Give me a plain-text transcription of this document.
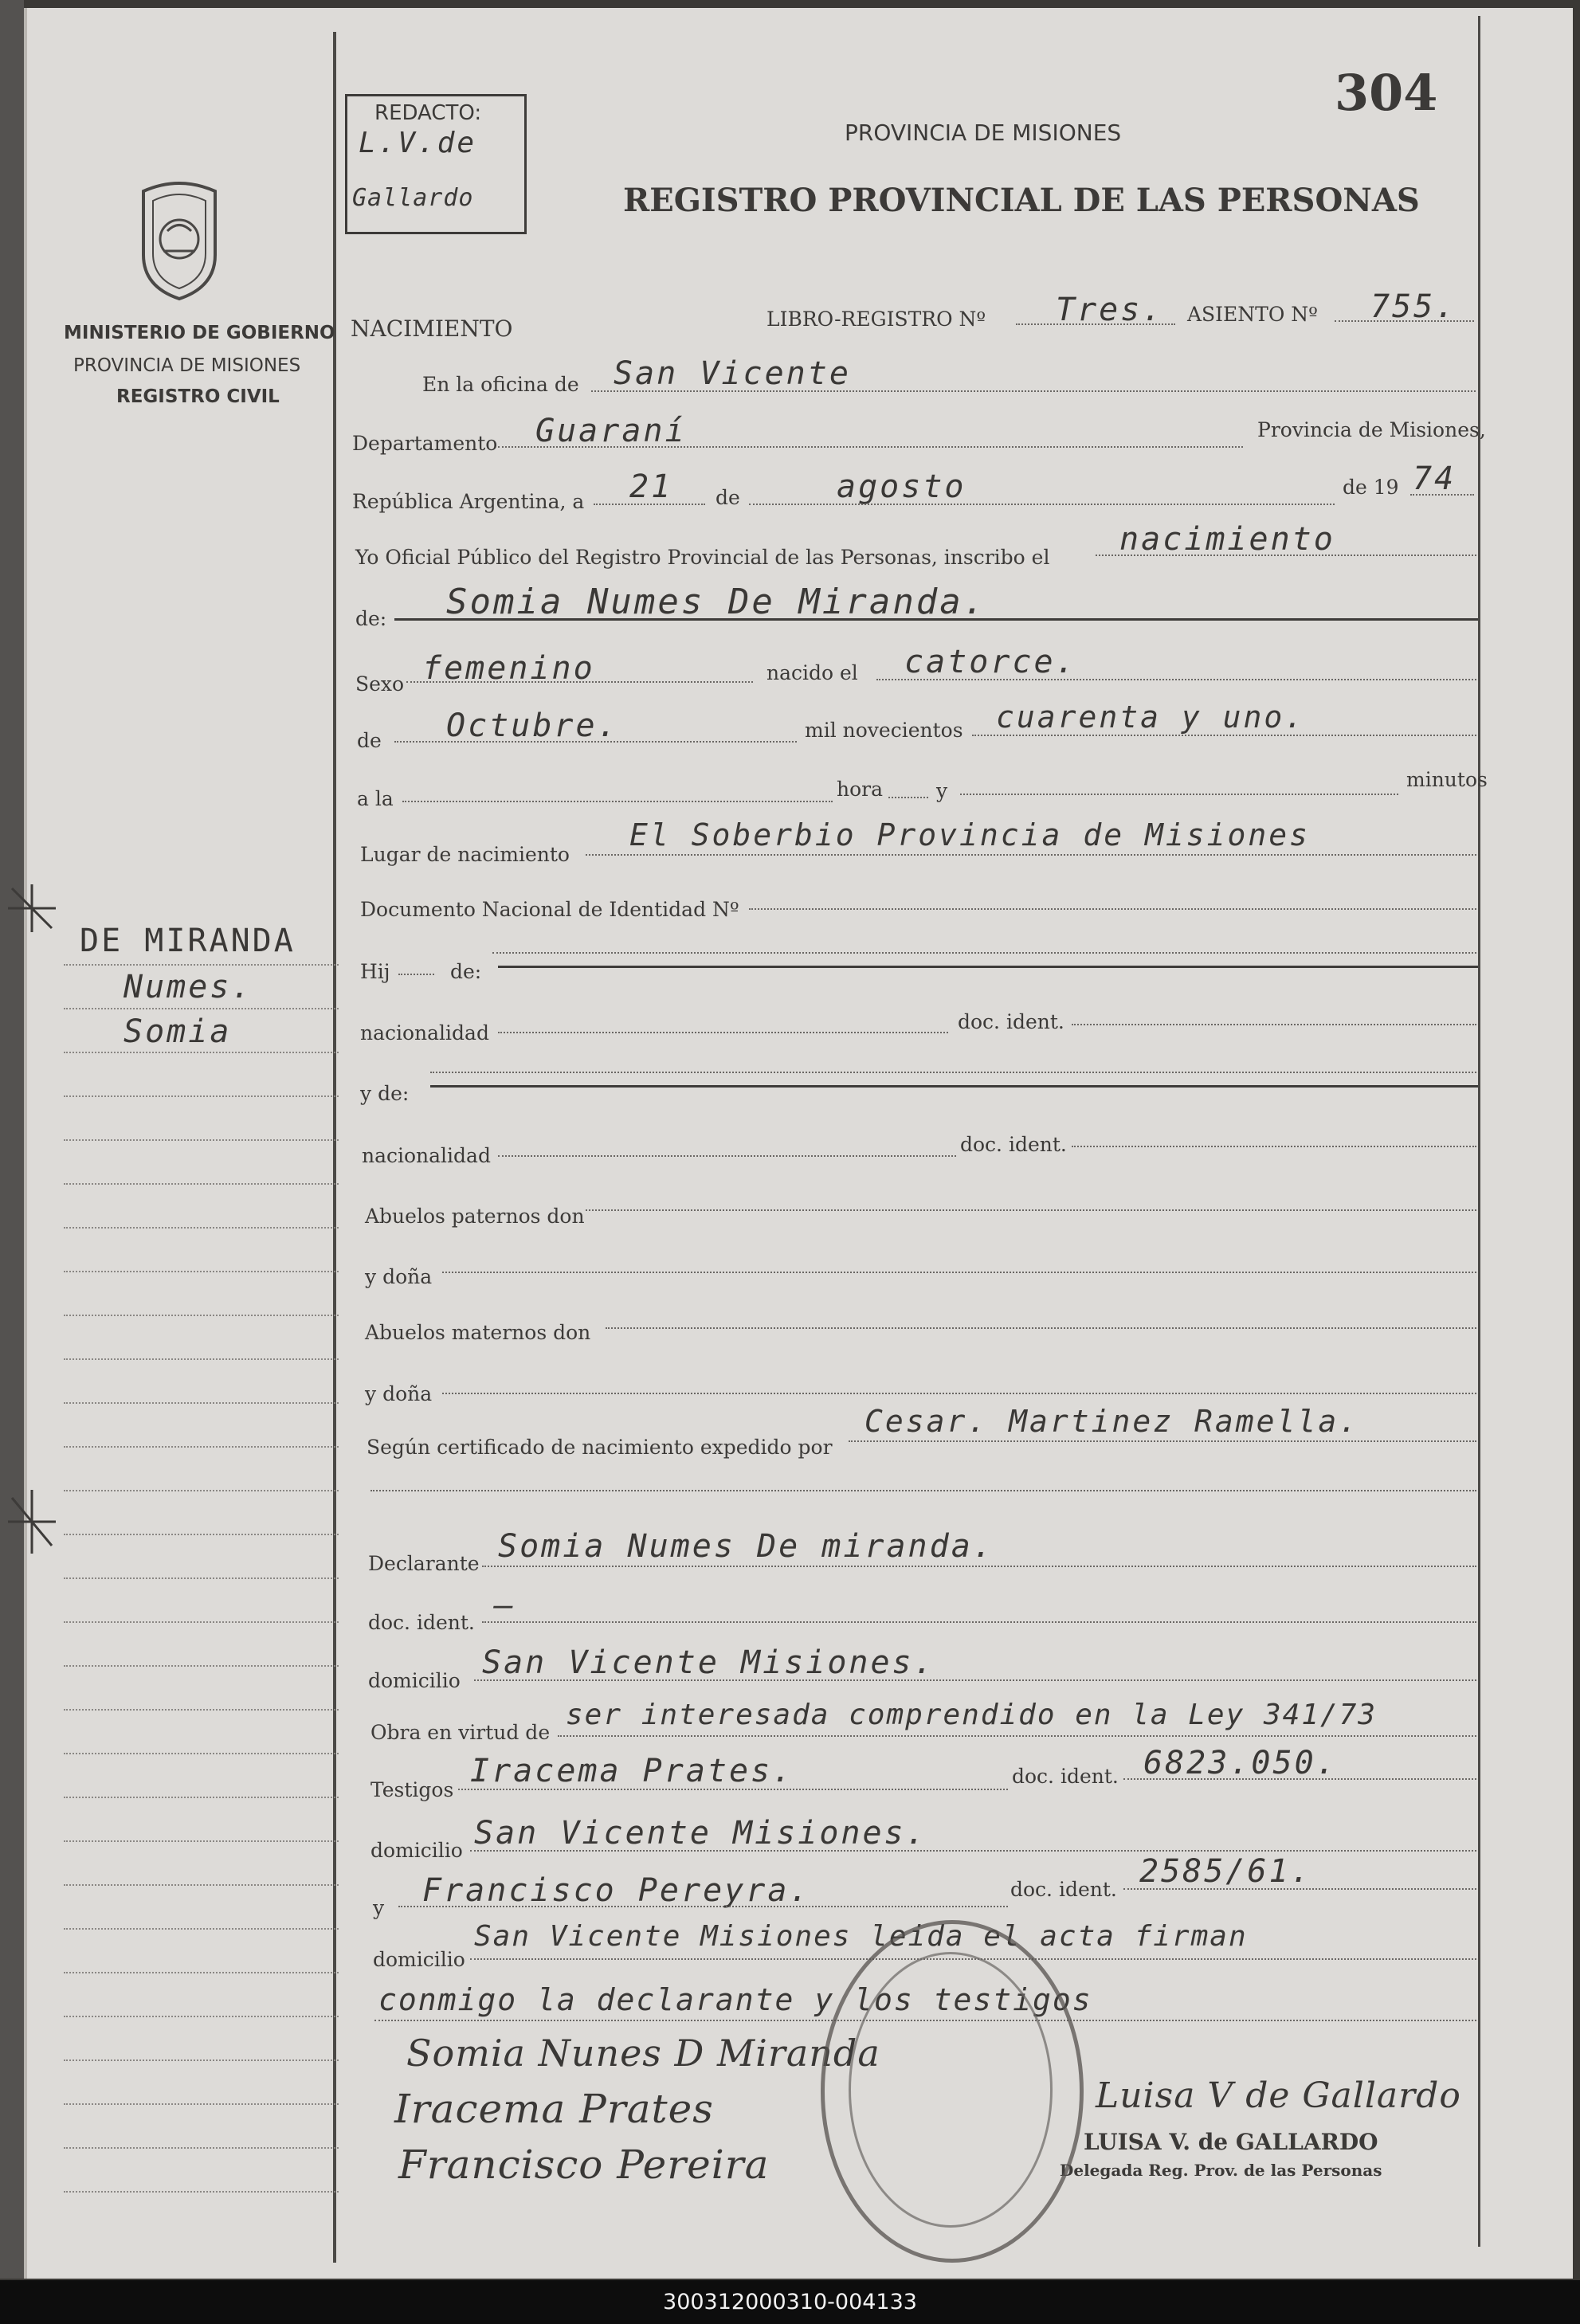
304
REDACTO:
L.V.de
Gallardo
PROVINCIA DE MISIONES
REGISTRO PROVINCIAL DE LAS PERSONAS
MINISTERIO DE GOBIERNO
PROVINCIA DE MISIONES
REGISTRO CIVIL
DE MIRANDA
Numes.
Somia
NACIMIENTO	LIBRO-REGISTRO Nº Tres. ASIENTO Nº 755.
En la oficina de San Vicente
Departamento Guaraní	Provincia de Misiones,
República Argentina, a 21 de	agosto	de 19 74
Yo Oficial Público del Registro Provincial de las Personas, inscribo el nacimiento
de: Somia Numes De Miranda.
Sexo femenino	nacido el catorce.
de Octubre.	mil novecientos cuarenta y uno.
a la	hora	y	minutos
Lugar de nacimiento
El Soberbio Provincia de Misiones
Documento Nacional de Identidad Nº
Hij	de:
nacionalidad	doc. ident.
y de:
nacionalidad	doc. ident.
Abuelos paternos don
y doña
Abuelos maternos don
y doña
Según certificado de nacimiento expedido por
Cesar. Martinez Ramella.
Declarante Somia Numes De miranda.
doc. ident. –
domicilio San Vicente Misiones.
Obra en virtud de
ser interesada comprendido en la Ley 341/73
Testigos
Iracema Prates.	doc. ident. 6823.050.
domicilio San Vicente Misiones.
y Francisco Pereyra.	doc. ident. 2585/61.
domicilio
San Vicente Misiones leida el acta firman
conmigo la declarante y los testigos
Somia Nunes D Miranda
Iracema Prates
Francisco Pereira
Luisa V de Gallardo
LUISA V. de GALLARDO
Delegada Reg. Prov. de las Personas
300312000310-004133
